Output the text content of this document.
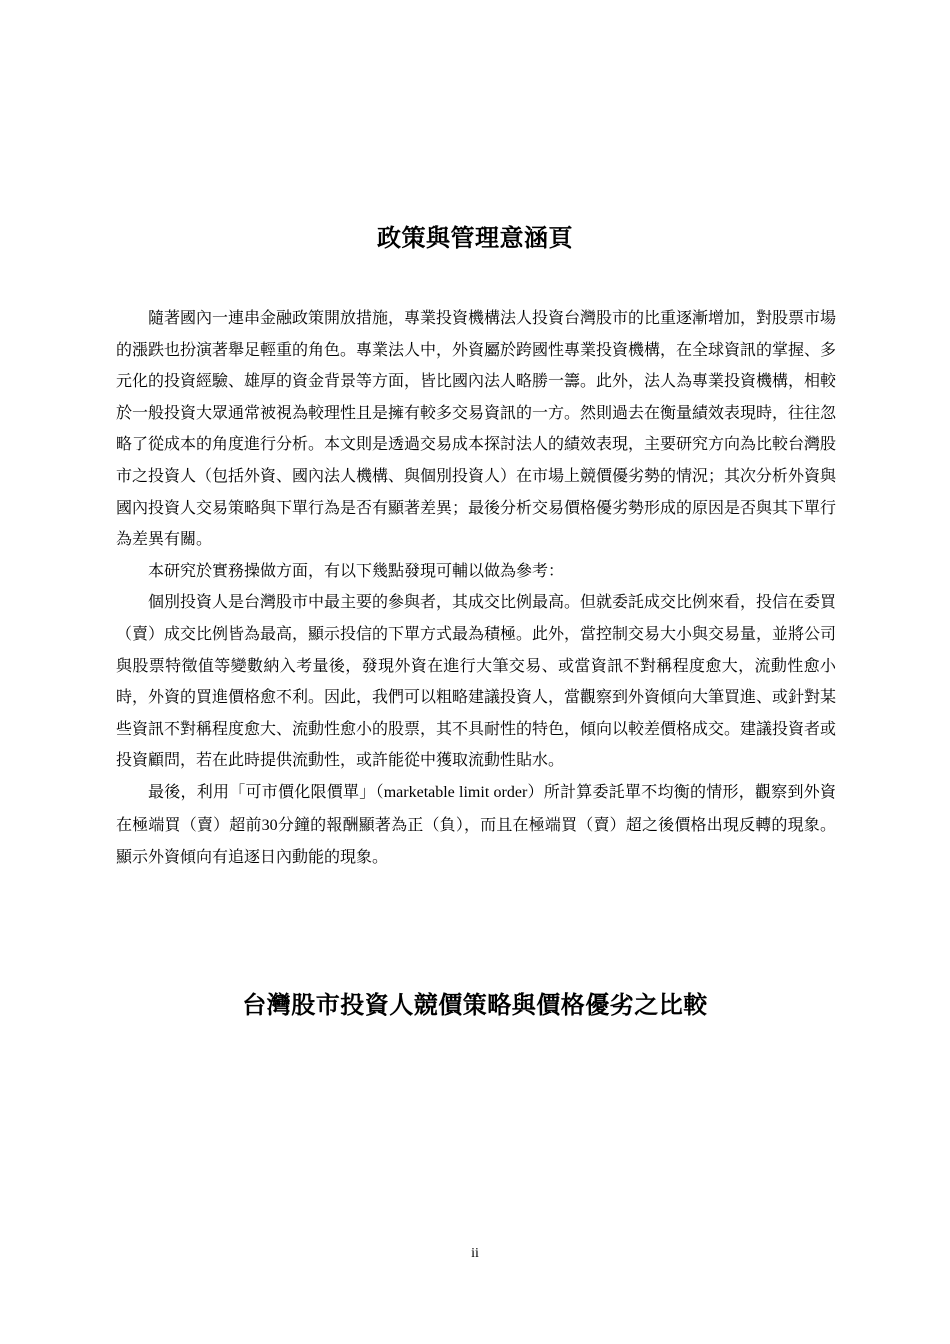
政策與管理意涵頁

隨著國內一連串金融政策開放措施，專業投資機構法人投資台灣股市的比重逐漸增加，對股票市場的漲跌也扮演著舉足輕重的角色。專業法人中，外資屬於跨國性專業投資機構，在全球資訊的掌握、多元化的投資經驗、雄厚的資金背景等方面，皆比國內法人略勝一籌。此外，法人為專業投資機構，相較於一般投資大眾通常被視為較理性且是擁有較多交易資訊的一方。然則過去在衡量績效表現時，往往忽略了從成本的角度進行分析。本文則是透過交易成本探討法人的績效表現，主要研究方向為比較台灣股市之投資人（包括外資、國內法人機構、與個別投資人）在市場上競價優劣勢的情況；其次分析外資與國內投資人交易策略與下單行為是否有顯著差異；最後分析交易價格優劣勢形成的原因是否與其下單行為差異有關。

本研究於實務操做方面，有以下幾點發現可輔以做為參考：

個別投資人是台灣股市中最主要的參與者，其成交比例最高。但就委託成交比例來看，投信在委買（賣）成交比例皆為最高，顯示投信的下單方式最為積極。此外，當控制交易大小與交易量，並將公司與股票特徵值等變數納入考量後，發現外資在進行大筆交易、或當資訊不對稱程度愈大，流動性愈小時，外資的買進價格愈不利。因此，我們可以粗略建議投資人，當觀察到外資傾向大筆買進、或針對某些資訊不對稱程度愈大、流動性愈小的股票，其不具耐性的特色，傾向以較差價格成交。建議投資者或投資顧問，若在此時提供流動性，或許能從中獲取流動性貼水。

最後，利用「可市價化限價單」（marketable limit order）所計算委託單不均衡的情形，觀察到外資在極端買（賣）超前30分鐘的報酬顯著為正（負），而且在極端買（賣）超之後價格出現反轉的現象。顯示外資傾向有追逐日內動能的現象。

台灣股市投資人競價策略與價格優劣之比較
ii
